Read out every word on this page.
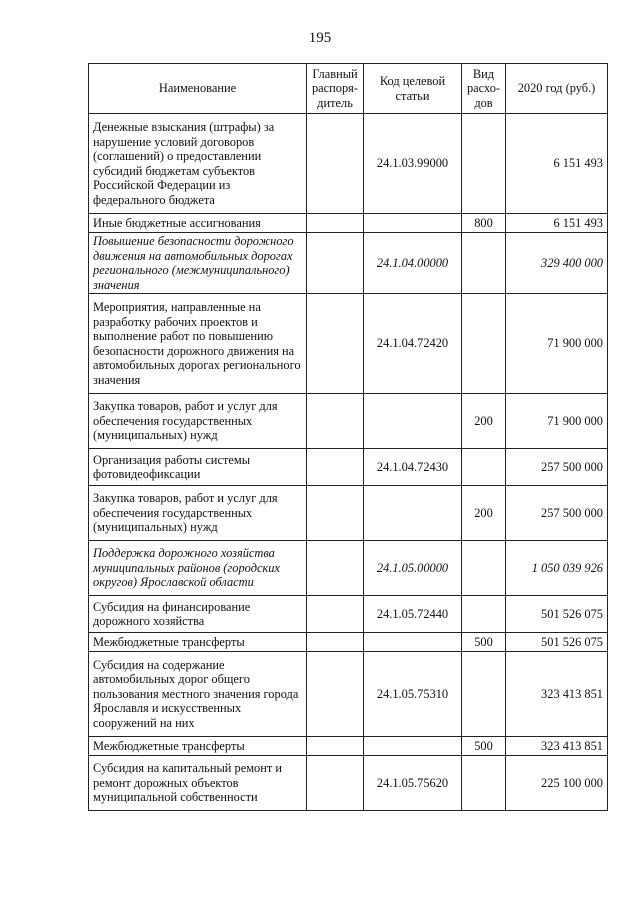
195
Наименование	Главный распоря-дитель	Код целевой статьи	Вид расхо-дов	2020 год (руб.)
Денежные взыскания (штрафы) за нарушение условий договоров (соглашений) о предоставлении субсидий бюджетам субъектов Российской Федерации из федерального бюджета		24.1.03.99000		6 151 493
Иные бюджетные ассигнования			800	6 151 493
Повышение безопасности дорожного движения на автомобильных дорогах регионального (межмуниципального) значения		24.1.04.00000		329 400 000
Мероприятия, направленные на разработку рабочих проектов и выполнение работ по повышению безопасности дорожного движения на автомобильных дорогах регионального значения		24.1.04.72420		71 900 000
Закупка товаров, работ и услуг для обеспечения государственных (муниципальных) нужд			200	71 900 000
Организация работы системы фотовидеофиксации		24.1.04.72430		257 500 000
Закупка товаров, работ и услуг для обеспечения государственных (муниципальных) нужд			200	257 500 000
Поддержка дорожного хозяйства муниципальных районов (городских округов) Ярославской области		24.1.05.00000		1 050 039 926
Субсидия на финансирование дорожного хозяйства		24.1.05.72440		501 526 075
Межбюджетные трансферты			500	501 526 075
Субсидия на содержание автомобильных дорог общего пользования местного значения города Ярославля и искусственных сооружений на них		24.1.05.75310		323 413 851
Межбюджетные трансферты			500	323 413 851
Субсидия на капитальный ремонт и ремонт дорожных объектов муниципальной собственности		24.1.05.75620		225 100 000
